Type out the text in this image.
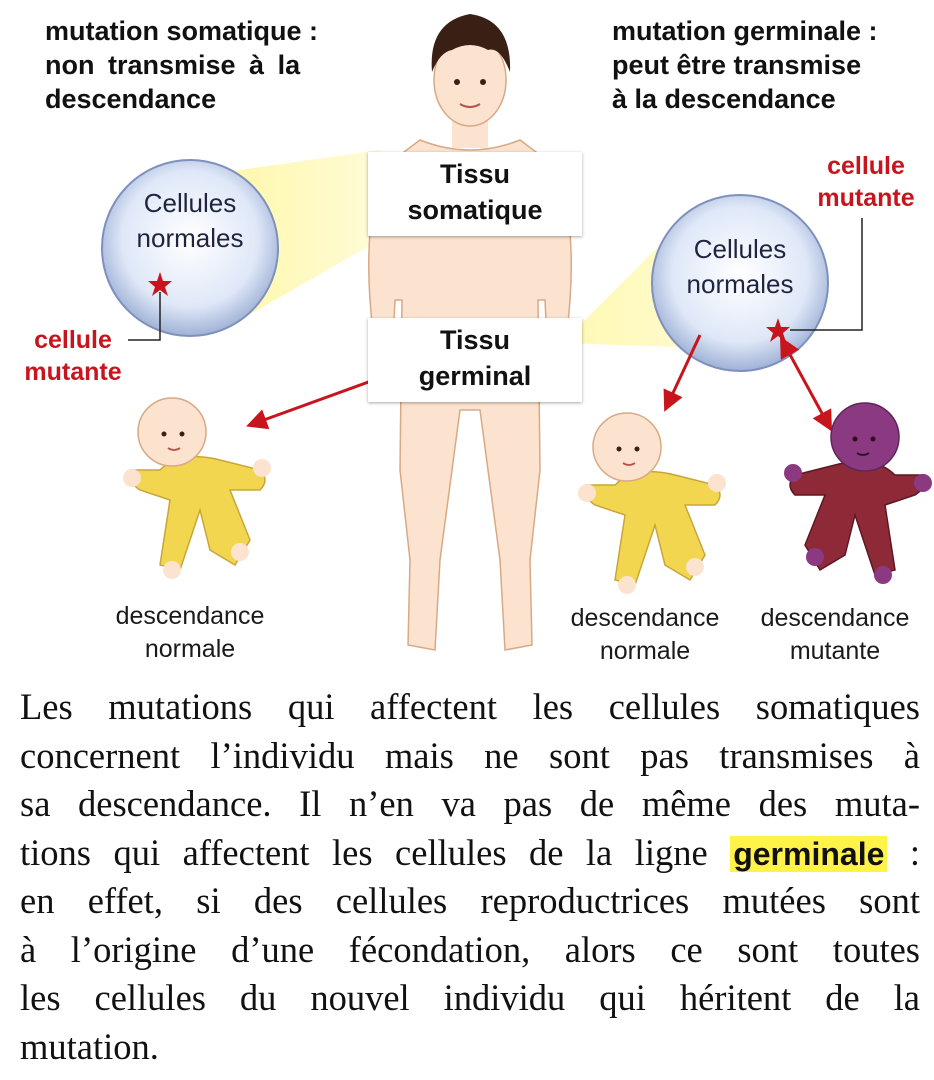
mutation somatique :
non transmise à la
descendance
mutation germinale :
peut être transmise
à la descendance
Tissu
somatique
Tissu
germinal
Cellules
normales	Cellules
normales
cellule
mutante
cellule
mutante
descendance
normale
descendance
normale
descendance
mutante
Les mutations qui affectent les cellules somatiques
concernent l’individu mais ne sont pas transmises à
sa descendance. Il n’en va pas de même des muta-
tions qui affectent les cellules de la ligne germinale :
en effet, si des cellules reproductrices mutées sont
à l’origine d’une fécondation, alors ce sont toutes
les cellules du nouvel individu qui héritent de la
mutation.
